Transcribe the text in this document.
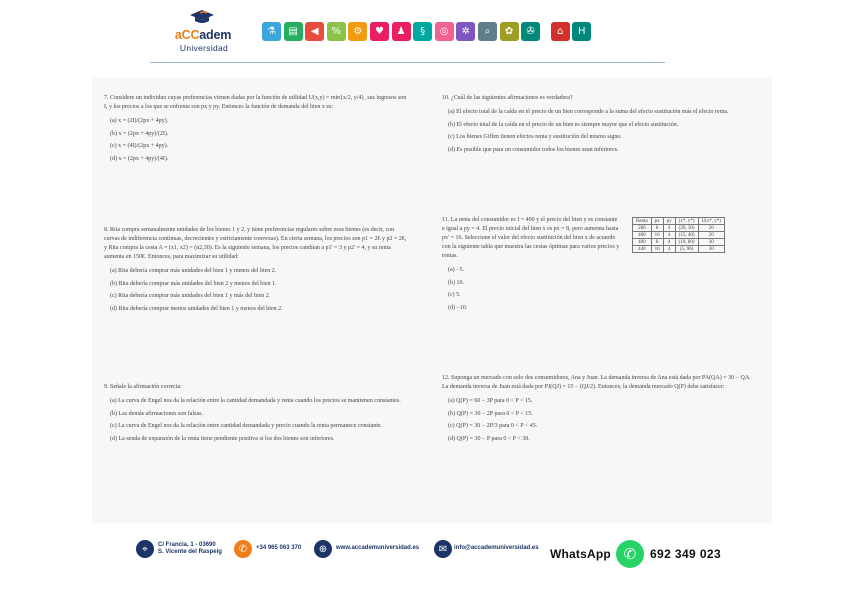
aCCadem
Universidad
⚗	▤	◀	%	⚙	♥	♟	§	◎	✲	⌕	✿	✇	⌂	H
7. Considere un individuo cuyas preferencias vienen dadas por la función de utilidad U(x,y) = min{x/2, y/4}, sus ingresos son I, y los precios a los que se enfrenta son px y py. Entonces la función de demanda del bien x es:
(a) x = (2I)/(2px + 4py).
(b) x = (2px + 4py)/(2I).
(c) x = (4I)/(2px + 4py).
(d) x = (2px + 4py)/(4I).
8. Rita compra semanalmente unidades de los bienes 1 y 2, y tiene preferencias regulares sobre esos bienes (es decir, con curvas de indiferencia continuas, decrecientes y estrictamente convexas). En cierta semana, los precios son p1 = 2€ y p2 = 2€, y Rita compra la cesta A = (x1, x2) = (n2,30). Es la siguiente semana, los precios cambian a p1' = 3 y p2' = 4, y su renta aumenta en 150€. Entonces, para maximizar su utilidad:
(a) Rita debería comprar más unidades del bien 1 y menos del bien 2.
(b) Rita debería comprar más unidades del bien 2 y menos del bien 1.
(c) Rita debería comprar más unidades del bien 1 y más del bien 2.
(d) Rita debería comprar menos unidades del bien 1 y menos del bien 2.
9. Señale la afirmación correcta:
(a) La curva de Engel nos da la relación entre la cantidad demandada y renta cuando los precios se mantienen constantes.
(b) Las demás afirmaciones son falsas.
(c) La curva de Engel nos da la relación entre cantidad demandada y precio cuando la renta permanece constante.
(d) La senda de expansión de la renta tiene pendiente positiva si los dos bienes son inferiores.
10. ¿Cuál de las siguientes afirmaciones es verdadera?
(a) El efecto total de la caída en el precio de un bien corresponde a la suma del efecto sustitución más el efecto renta.
(b) El efecto total de la caída en el precio de un bien es siempre mayor que el efecto sustitución.
(c) Los bienes Giffen tienen efectos renta y sustitución del mismo signo.
(d) Es posible que para un consumidor todos los bienes sean inferiores.
11. La renta del consumidor es I = 400 y el precio del bien y es constante e igual a py = 4. El precio inicial del bien x es px = 8, pero aumenta hasta px' = 16. Seleccione el valor del efecto sustitución del bien x de acuerdo con la siguiente tabla que muestra las cestas óptimas para varios precios y rentas.
(a) −5.
(b) 10.
(c) 5.
(d) −10.
12. Suponga un mercado con solo dos consumidores, Ana y Juan. La demanda inversa de Ana está dada por PA(QA) = 30 − QA. La demanda inversa de Juan está dada por PJ(QJ) = 15 − (QJ/2). Entonces, la demanda mercado Q(P) debe satisfacer:
(a) Q(P) = 60 − 3P para 0 < P < 15.
(b) Q(P) = 30 − 2P para 0 < P < 15.
(c) Q(P) = 30 − 2P/3 para 0 < P < 45.
(d) Q(P) = 30 − P para 0 < P < 30.
Renta	px	py	(x*, y*)	U(x*, y*)
280	8	4	(20, 30)	20
400	16	4	(15, 40)	20
400	8	4	(10, 80)	30
440	16	4	(5, 90)	30
⌖	C/ Francia, 1 - 03690
S. Vicente del Raspeig	✆	+34 965 063 370	⊕	www.accademuniversidad.es	✉	info@accademuniversidad.es WhatsApp ✆	692 349 023
